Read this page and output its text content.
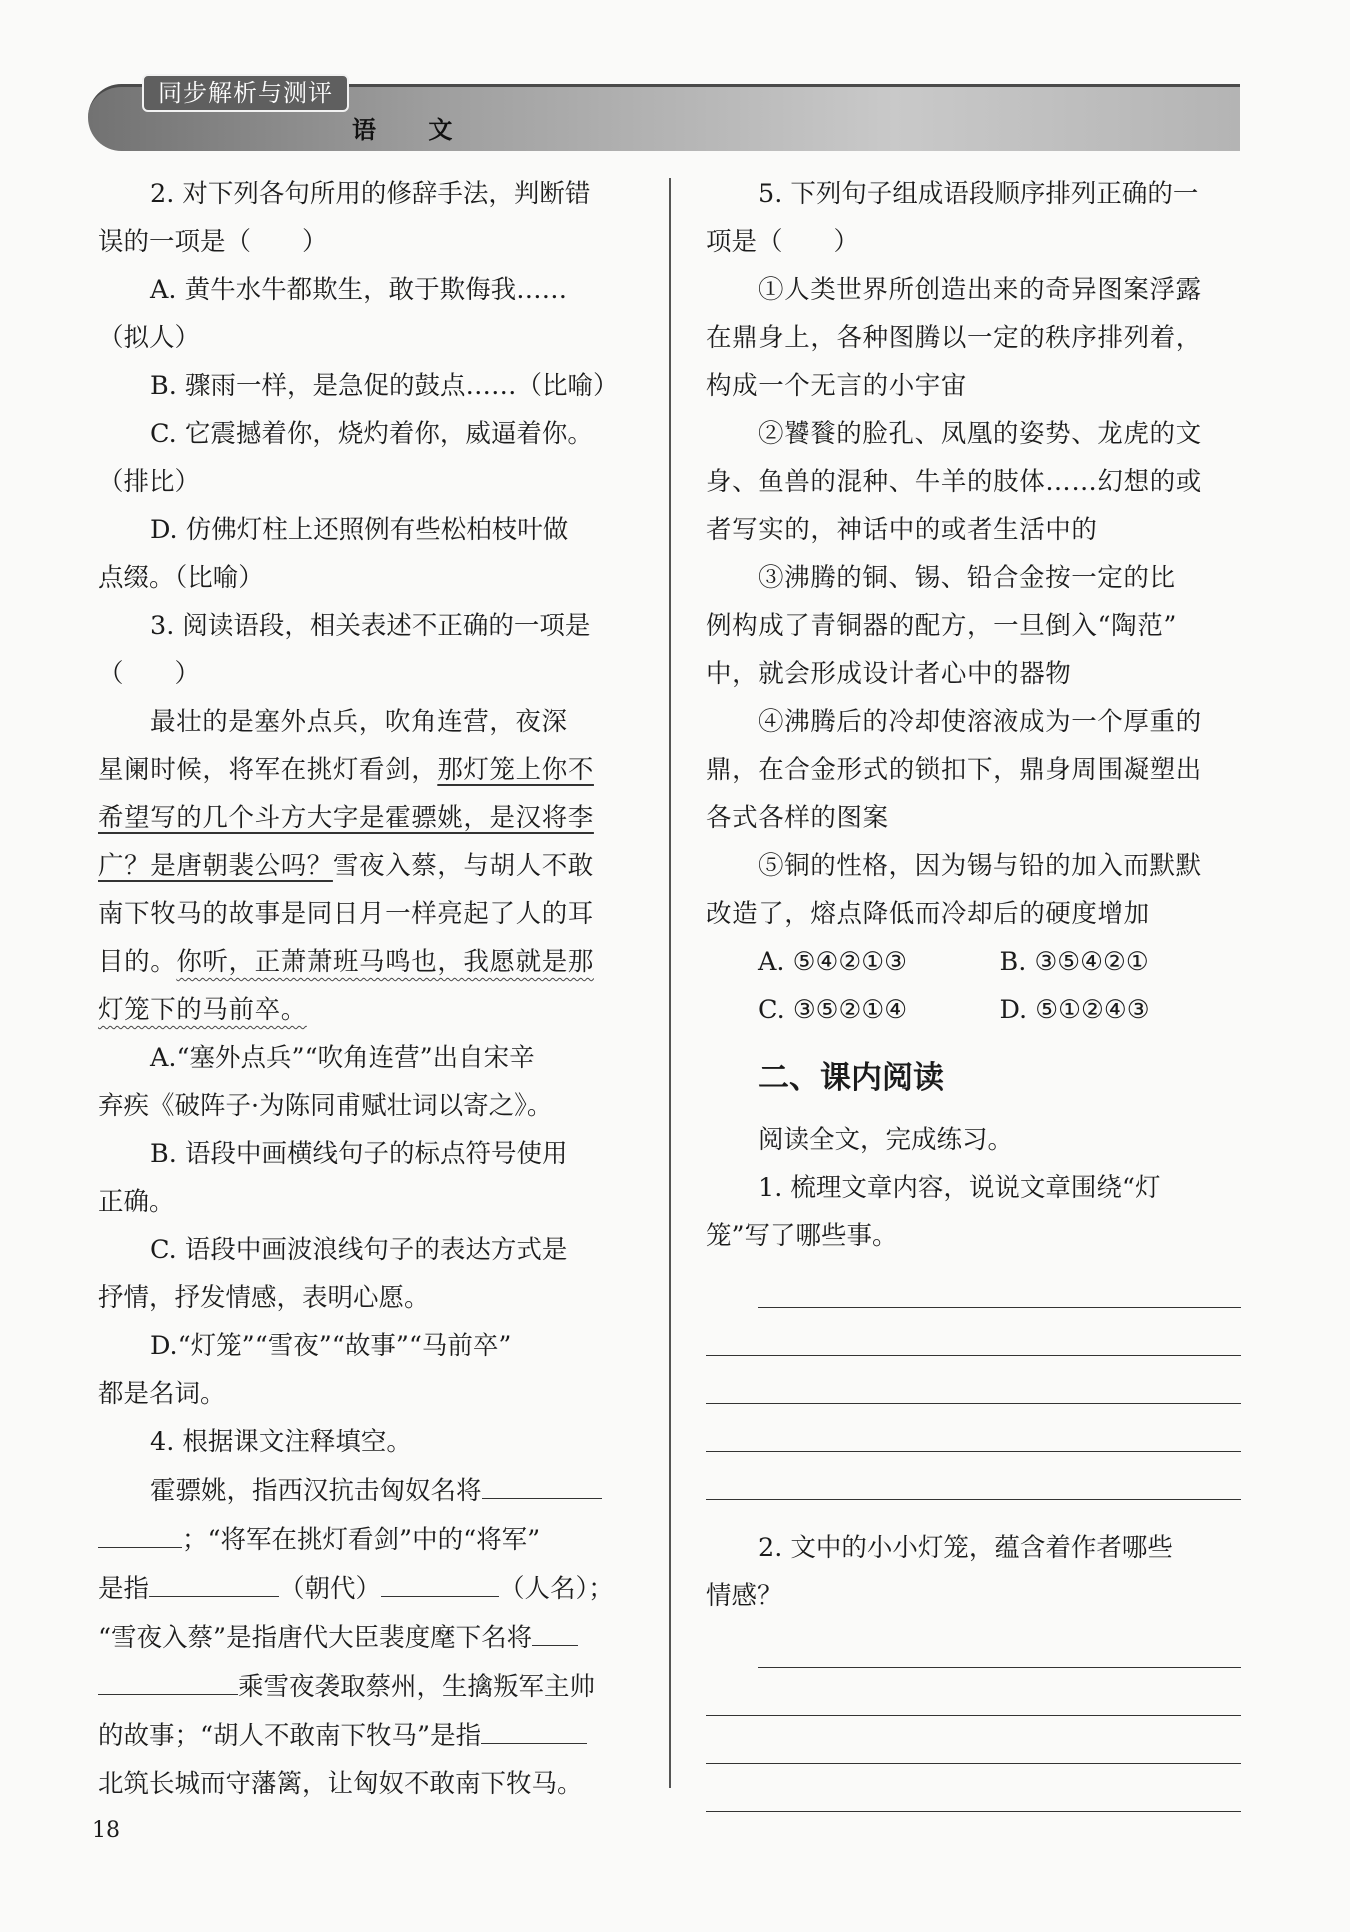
同步解析与测评
语 文

2. 对下列各句所用的修辞手法，判断错

误的一项是（　　）

A. 黄牛水牛都欺生，敢于欺侮我……

（拟人）

B. 骤雨一样，是急促的鼓点……（比喻）

C. 它震撼着你，烧灼着你，威逼着你。

（排比）

D. 仿佛灯柱上还照例有些松柏枝叶做

点缀。（比喻）

3. 阅读语段，相关表述不正确的一项是

（　　）

最壮的是塞外点兵，吹角连营，夜深

星阑时候，将军在挑灯看剑，那灯笼上你不

希望写的几个斗方大字是霍骠姚，是汉将李

广？是唐朝裴公吗？雪夜入蔡，与胡人不敢

南下牧马的故事是同日月一样亮起了人的耳

目的。你听，正萧萧班马鸣也，我愿就是那

灯笼下的马前卒。

A.“塞外点兵”“吹角连营”出自宋辛

弃疾《破阵子·为陈同甫赋壮词以寄之》。

B. 语段中画横线句子的标点符号使用

正确。

C. 语段中画波浪线句子的表达方式是

抒情，抒发情感，表明心愿。

D.“灯笼”“雪夜”“故事”“马前卒”

都是名词。

4. 根据课文注释填空。

霍骠姚，指西汉抗击匈奴名将

；“将军在挑灯看剑”中的“将军”

是指	（朝代）	（人名）；

“雪夜入蔡”是指唐代大臣裴度麾下名将

乘雪夜袭取蔡州，生擒叛军主帅

的故事；“胡人不敢南下牧马”是指

北筑长城而守藩篱，让匈奴不敢南下牧马。

5. 下列句子组成语段顺序排列正确的一

项是（　　）

①人类世界所创造出来的奇异图案浮露

在鼎身上，各种图腾以一定的秩序排列着，

构成一个无言的小宇宙

②饕餮的脸孔、凤凰的姿势、龙虎的文

身、鱼兽的混种、牛羊的肢体……幻想的或

者写实的，神话中的或者生活中的

③沸腾的铜、锡、铅合金按一定的比

例构成了青铜器的配方，一旦倒入“陶范”

中，就会形成设计者心中的器物

④沸腾后的冷却使溶液成为一个厚重的

鼎，在合金形式的锁扣下，鼎身周围凝塑出

各式各样的图案

⑤铜的性格，因为锡与铅的加入而默默

改造了，熔点降低而冷却后的硬度增加

A. ⑤④②①③	B. ③⑤④②①
C. ③⑤②①④	D. ⑤①②④③
二、课内阅读

阅读全文，完成练习。

1. 梳理文章内容，说说文章围绕“灯

笼”写了哪些事。

2. 文中的小小灯笼，蕴含着作者哪些

情感？

18
